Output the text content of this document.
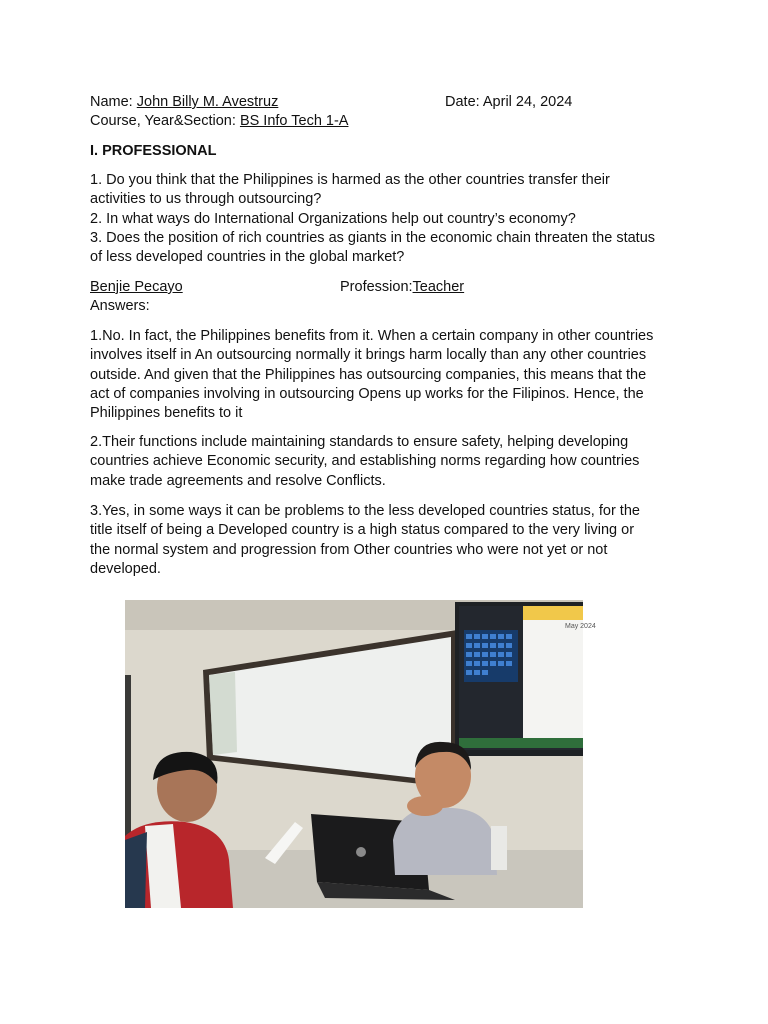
Name: John Billy M. Avestruz	Date: April 24, 2024
Course, Year&Section: BS Info Tech 1-A
I. PROFESSIONAL
1. Do you think that the Philippines is harmed as the other countries transfer their
activities to us through outsourcing?
2. In what ways do International Organizations help out country’s economy?
3. Does the position of rich countries as giants in the economic chain threaten the status
of less developed countries in the global market?
Benjie Pecayo	Profession:Teacher
Answers:
1.No. In fact, the Philippines benefits from it. When a certain company in other countries
involves itself in An outsourcing normally it brings harm locally than any other countries
outside. And given that the Philippines has outsourcing companies, this means that the
act of companies involving in outsourcing Opens up works for the Filipinos. Hence, the
Philippines benefits to it
2.Their functions include maintaining standards to ensure safety, helping developing
countries achieve Economic security, and establishing norms regarding how countries
make trade agreements and resolve Conflicts.
3.Yes, in some ways it can be problems to the less developed countries status, for the
title itself of being a Developed country is a high status compared to the very living or
the normal system and progression from Other countries who were not yet or not
developed.
May 2024
